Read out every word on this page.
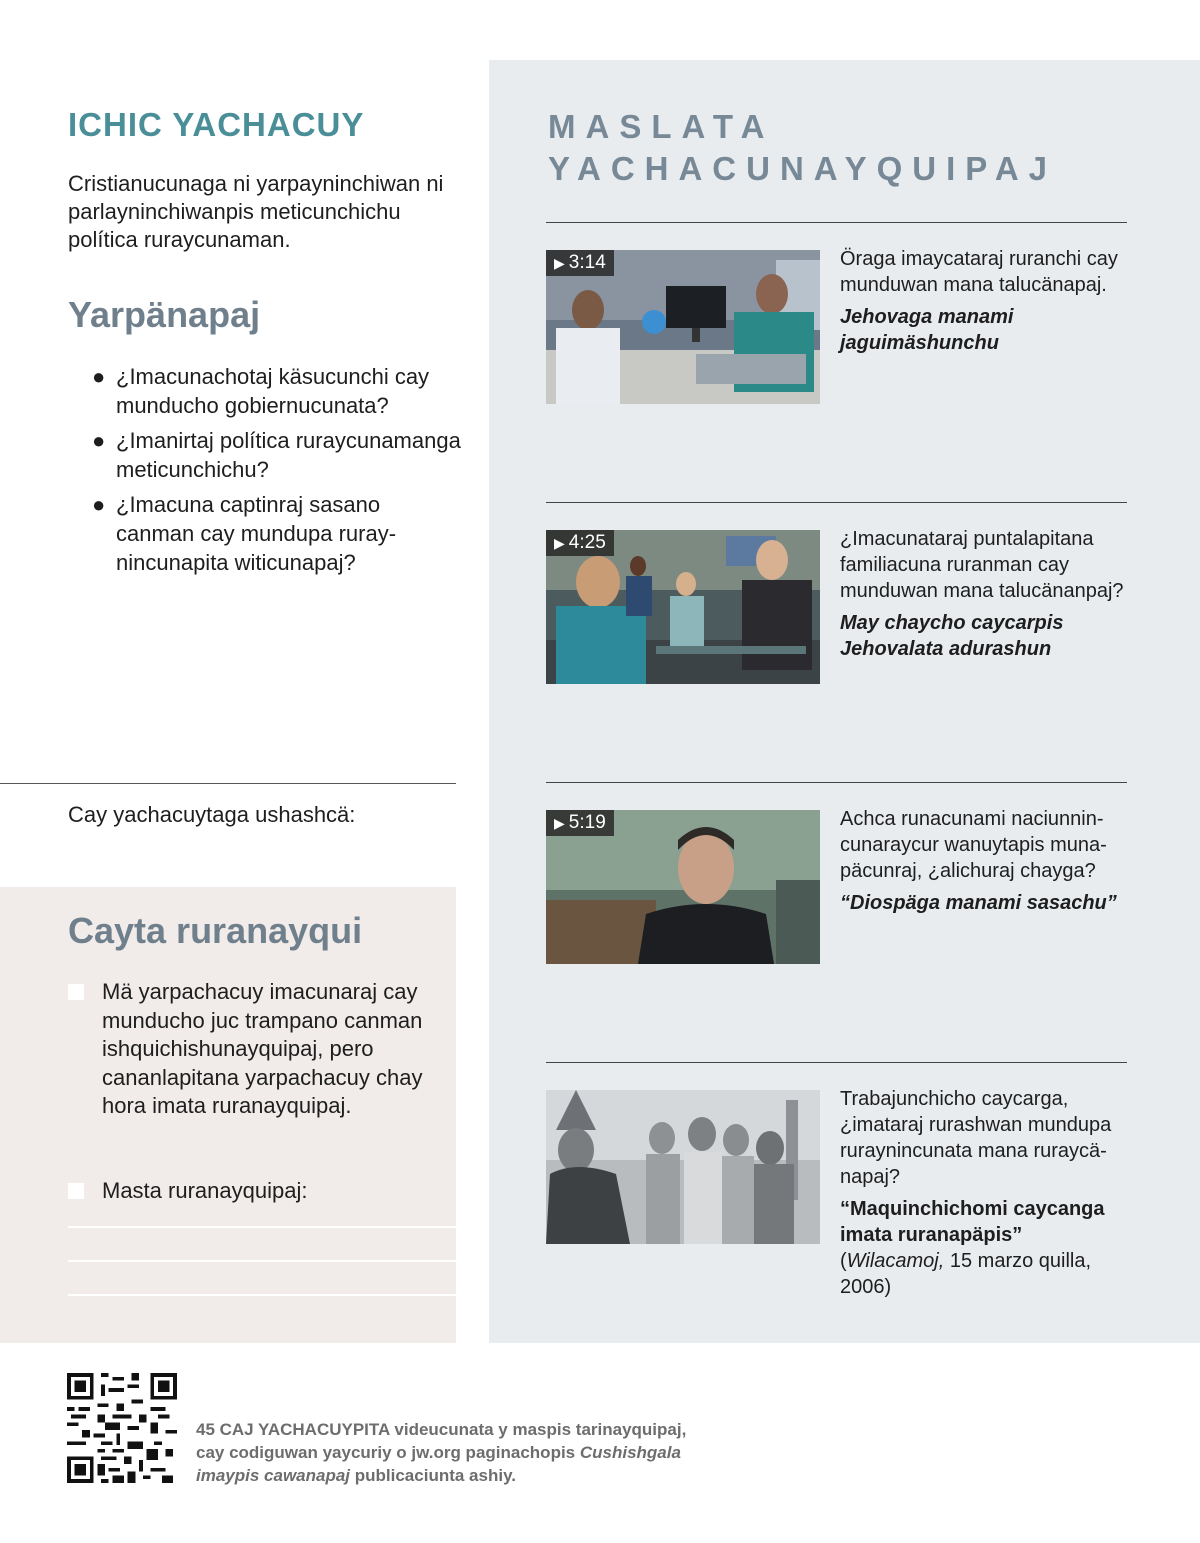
ICHIC YACHACUY
Cristianucunaga ni yarpayninchiwan ni parlayninchiwanpis meticunchichu política ruraycunaman.
Yarpänapaj
● ¿Imacunachotaj käsucunchi cay munducho gobiernucunata?
● ¿Imanirtaj política ruraycunamanga meticunchichu?
● ¿Imacuna captinraj sasano canman cay mundupa ruraynincunapita witicunapaj?
Cay yachacuytaga ushashcä:
Cayta ruranayqui
Mä yarpachacuy imacunaraj cay munducho juc trampano canman ishquichishunayquipaj, pero cananlapitana yarpachacuy chay hora imata ruranayquipaj.
Masta ruranayquipaj:
MASLATA
YACHACUNAYQUIPAJ
▶ 3:14	Öraga imaycataraj ruranchi cay munduwan mana talucänapaj.
Jehovaga manami jaguimäshunchu
▶ 4:25	¿Imacunataraj puntalapitana familiacuna ruranman cay munduwan mana talucänanpaj?
May chaycho caycarpis Jehovalata adurashun
▶ 5:19	Achca runacunami naciunnincunaraycur wanuytapis munapäcunraj, ¿alichuraj chayga?
“Diospäga manami sasachu”
Trabajunchicho caycarga, ¿imataraj rurashwan mundupa ruraynincunata mana ruraycänapaj?
“Maquinchichomi caycanga imata ruranapäpis” (Wilacamoj, 15 marzo quilla, 2006)
45 CAJ YACHACUYPITA videucunata y maspis tarinayquipaj, cay codiguwan yaycuriy o jw.org paginachopis Cushishgala imaypis cawanapaj publicaciunta ashiy.
